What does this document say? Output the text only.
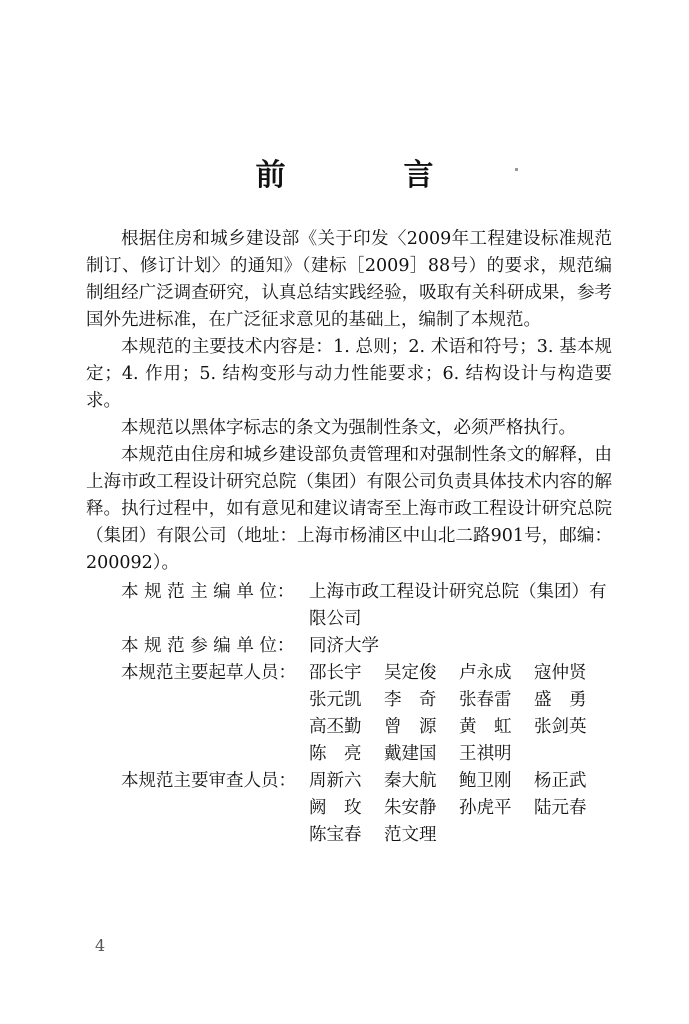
前　言

根据住房和城乡建设部《关于印发〈2009年工程建设标准规范制订、修订计划〉的通知》（建标［2009］88号）的要求，规范编制组经广泛调查研究，认真总结实践经验，吸取有关科研成果，参考国外先进标准，在广泛征求意见的基础上，编制了本规范。

本规范的主要技术内容是：1. 总则；2. 术语和符号；3. 基本规定；4. 作用；5. 结构变形与动力性能要求；6. 结构设计与构造要求。

本规范以黑体字标志的条文为强制性条文，必须严格执行。

本规范由住房和城乡建设部负责管理和对强制性条文的解释，由上海市政工程设计研究总院（集团）有限公司负责具体技术内容的解释。执行过程中，如有意见和建议请寄至上海市政工程设计研究总院（集团）有限公司（地址：上海市杨浦区中山北二路901号，邮编：200092）。

本 规 范 主 编 单 位： 上海市政工程设计研究总院（集团）有限公司
本 规 范 参 编 单 位： 同济大学
本规范主要起草人员： 邵长宇	吴定俊	卢永成	寇仲贤
张元凯	李　奇	张春雷	盛　勇
高丕勤	曾　源	黄　虹	张剑英
陈　亮	戴建国	王祺明
本规范主要审查人员： 周新六	秦大航	鲍卫刚	杨正武
阙　玫	朱安静	孙虎平	陆元春
陈宝春	范文理
4
